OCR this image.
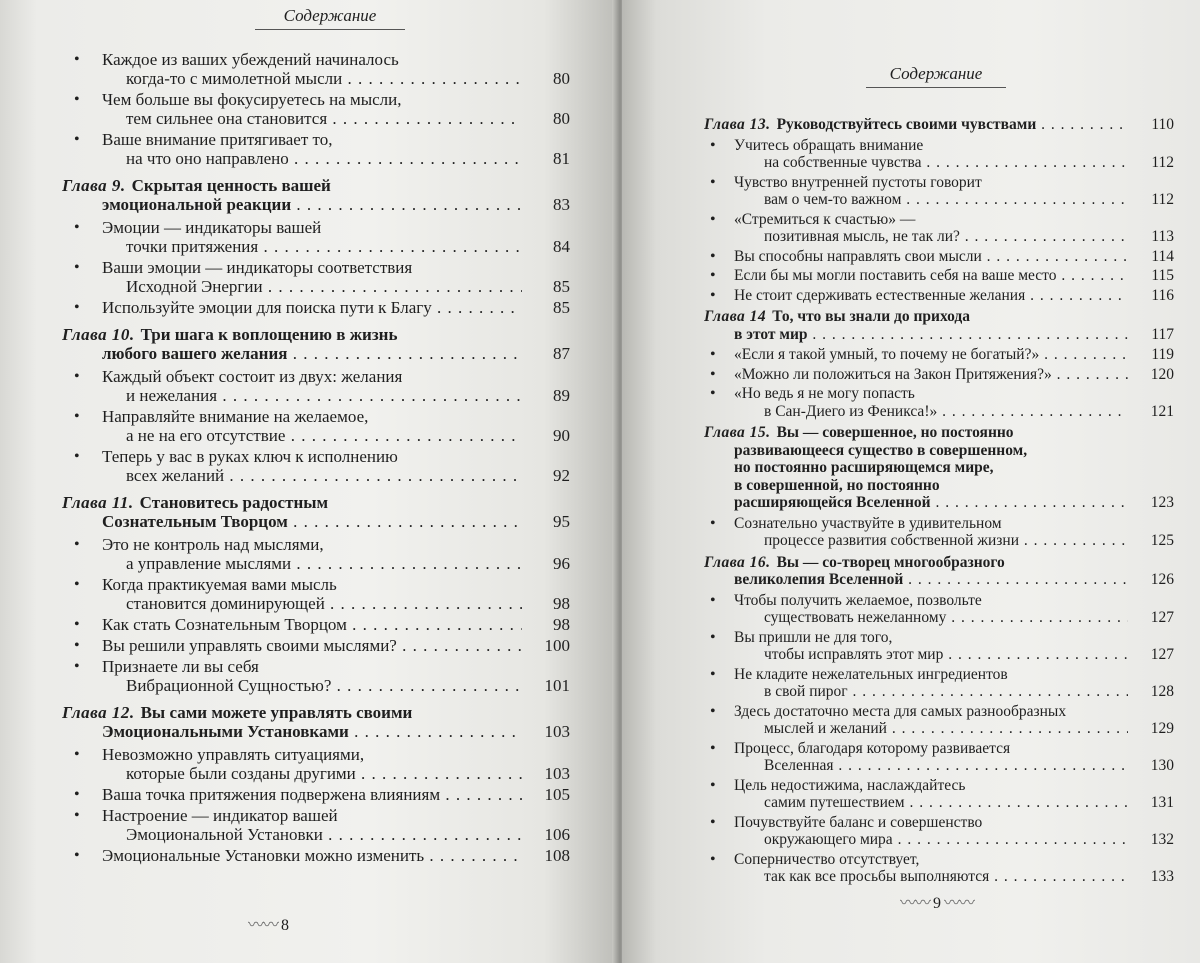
Содержание
• Каждое из ваших убеждений начиналось
когда-то с мимолетной мысли . . .	80
• Чем больше вы фокусируетесь на мысли,
тем сильнее она становится . . .	80
• Ваше внимание притягивает то,
на что оно направлено . . .	81
Глава 9. Скрытая ценность вашей
эмоциональной реакции . . .	83
• Эмоции — индикаторы вашей
точки притяжения . . .	84
• Ваши эмоции — индикаторы соответствия
Исходной Энергии . . .	85
• Используйте эмоции для поиска пути к Благу . . .	85
Глава 10. Три шага к воплощению в жизнь
любого вашего желания . . .	87
• Каждый объект состоит из двух: желания
и нежелания . . .	89
• Направляйте внимание на желаемое,
а не на его отсутствие . . .	90
• Теперь у вас в руках ключ к исполнению
всех желаний . . .	92
Глава 11. Становитесь радостным
Сознательным Творцом . . .	95
• Это не контроль над мыслями,
а управление мыслями . . .	96
• Когда практикуемая вами мысль
становится доминирующей . . .	98
• Как стать Сознательным Творцом . . .	98
• Вы решили управлять своими мыслями? . . .	100
• Признаете ли вы себя
Вибрационной Сущностью? . . .	101
Глава 12. Вы сами можете управлять своими
Эмоциональными Установками . . .	103
• Невозможно управлять ситуациями,
которые были созданы другими . . .	103
• Ваша точка притяжения подвержена влияниям . . .	105
• Настроение — индикатор вашей
Эмоциональной Установки . . .	106
• Эмоциональные Установки можно изменить . . .	108
〰〰 8
Содержание
Глава 13. Руководствуйтесь своими чувствами . . .	110
• Учитесь обращать внимание
на собственные чувства . . .	112
• Чувство внутренней пустоты говорит
вам о чем-то важном . . .	112
• «Стремиться к счастью» —
позитивная мысль, не так ли? . . .	113
• Вы способны направлять свои мысли . . .	114
• Если бы мы могли поставить себя на ваше место . . .	115
• Не стоит сдерживать естественные желания . . .	116
Глава 14 То, что вы знали до прихода
в этот мир . . .	117
• «Если я такой умный, то почему не богатый?» . . .	119
• «Можно ли положиться на Закон Притяжения?» . . .	120
• «Но ведь я не могу попасть
в Сан-Диего из Феникса!» . . .	121
Глава 15. Вы — совершенное, но постоянно
развивающееся существо в совершенном,
но постоянно расширяющемся мире,
в совершенной, но постоянно
расширяющейся Вселенной . . .	123
• Сознательно участвуйте в удивительном
процессе развития собственной жизни . . .	125
Глава 16. Вы — со-творец многообразного
великолепия Вселенной . . .	126
• Чтобы получить желаемое, позвольте
существовать нежеланному . . .	127
• Вы пришли не для того,
чтобы исправлять этот мир . . .	127
• Не кладите нежелательных ингредиентов
в свой пирог . . .	128
• Здесь достаточно места для самых разнообразных
мыслей и желаний . . .	129
• Процесс, благодаря которому развивается
Вселенная . . .	130
• Цель недостижима, наслаждайтесь
самим путешествием . . .	131
• Почувствуйте баланс и совершенство
окружающего мира . . .	132
• Соперничество отсутствует,
так как все просьбы выполняются . . .	133
〰〰 9 〰〰
